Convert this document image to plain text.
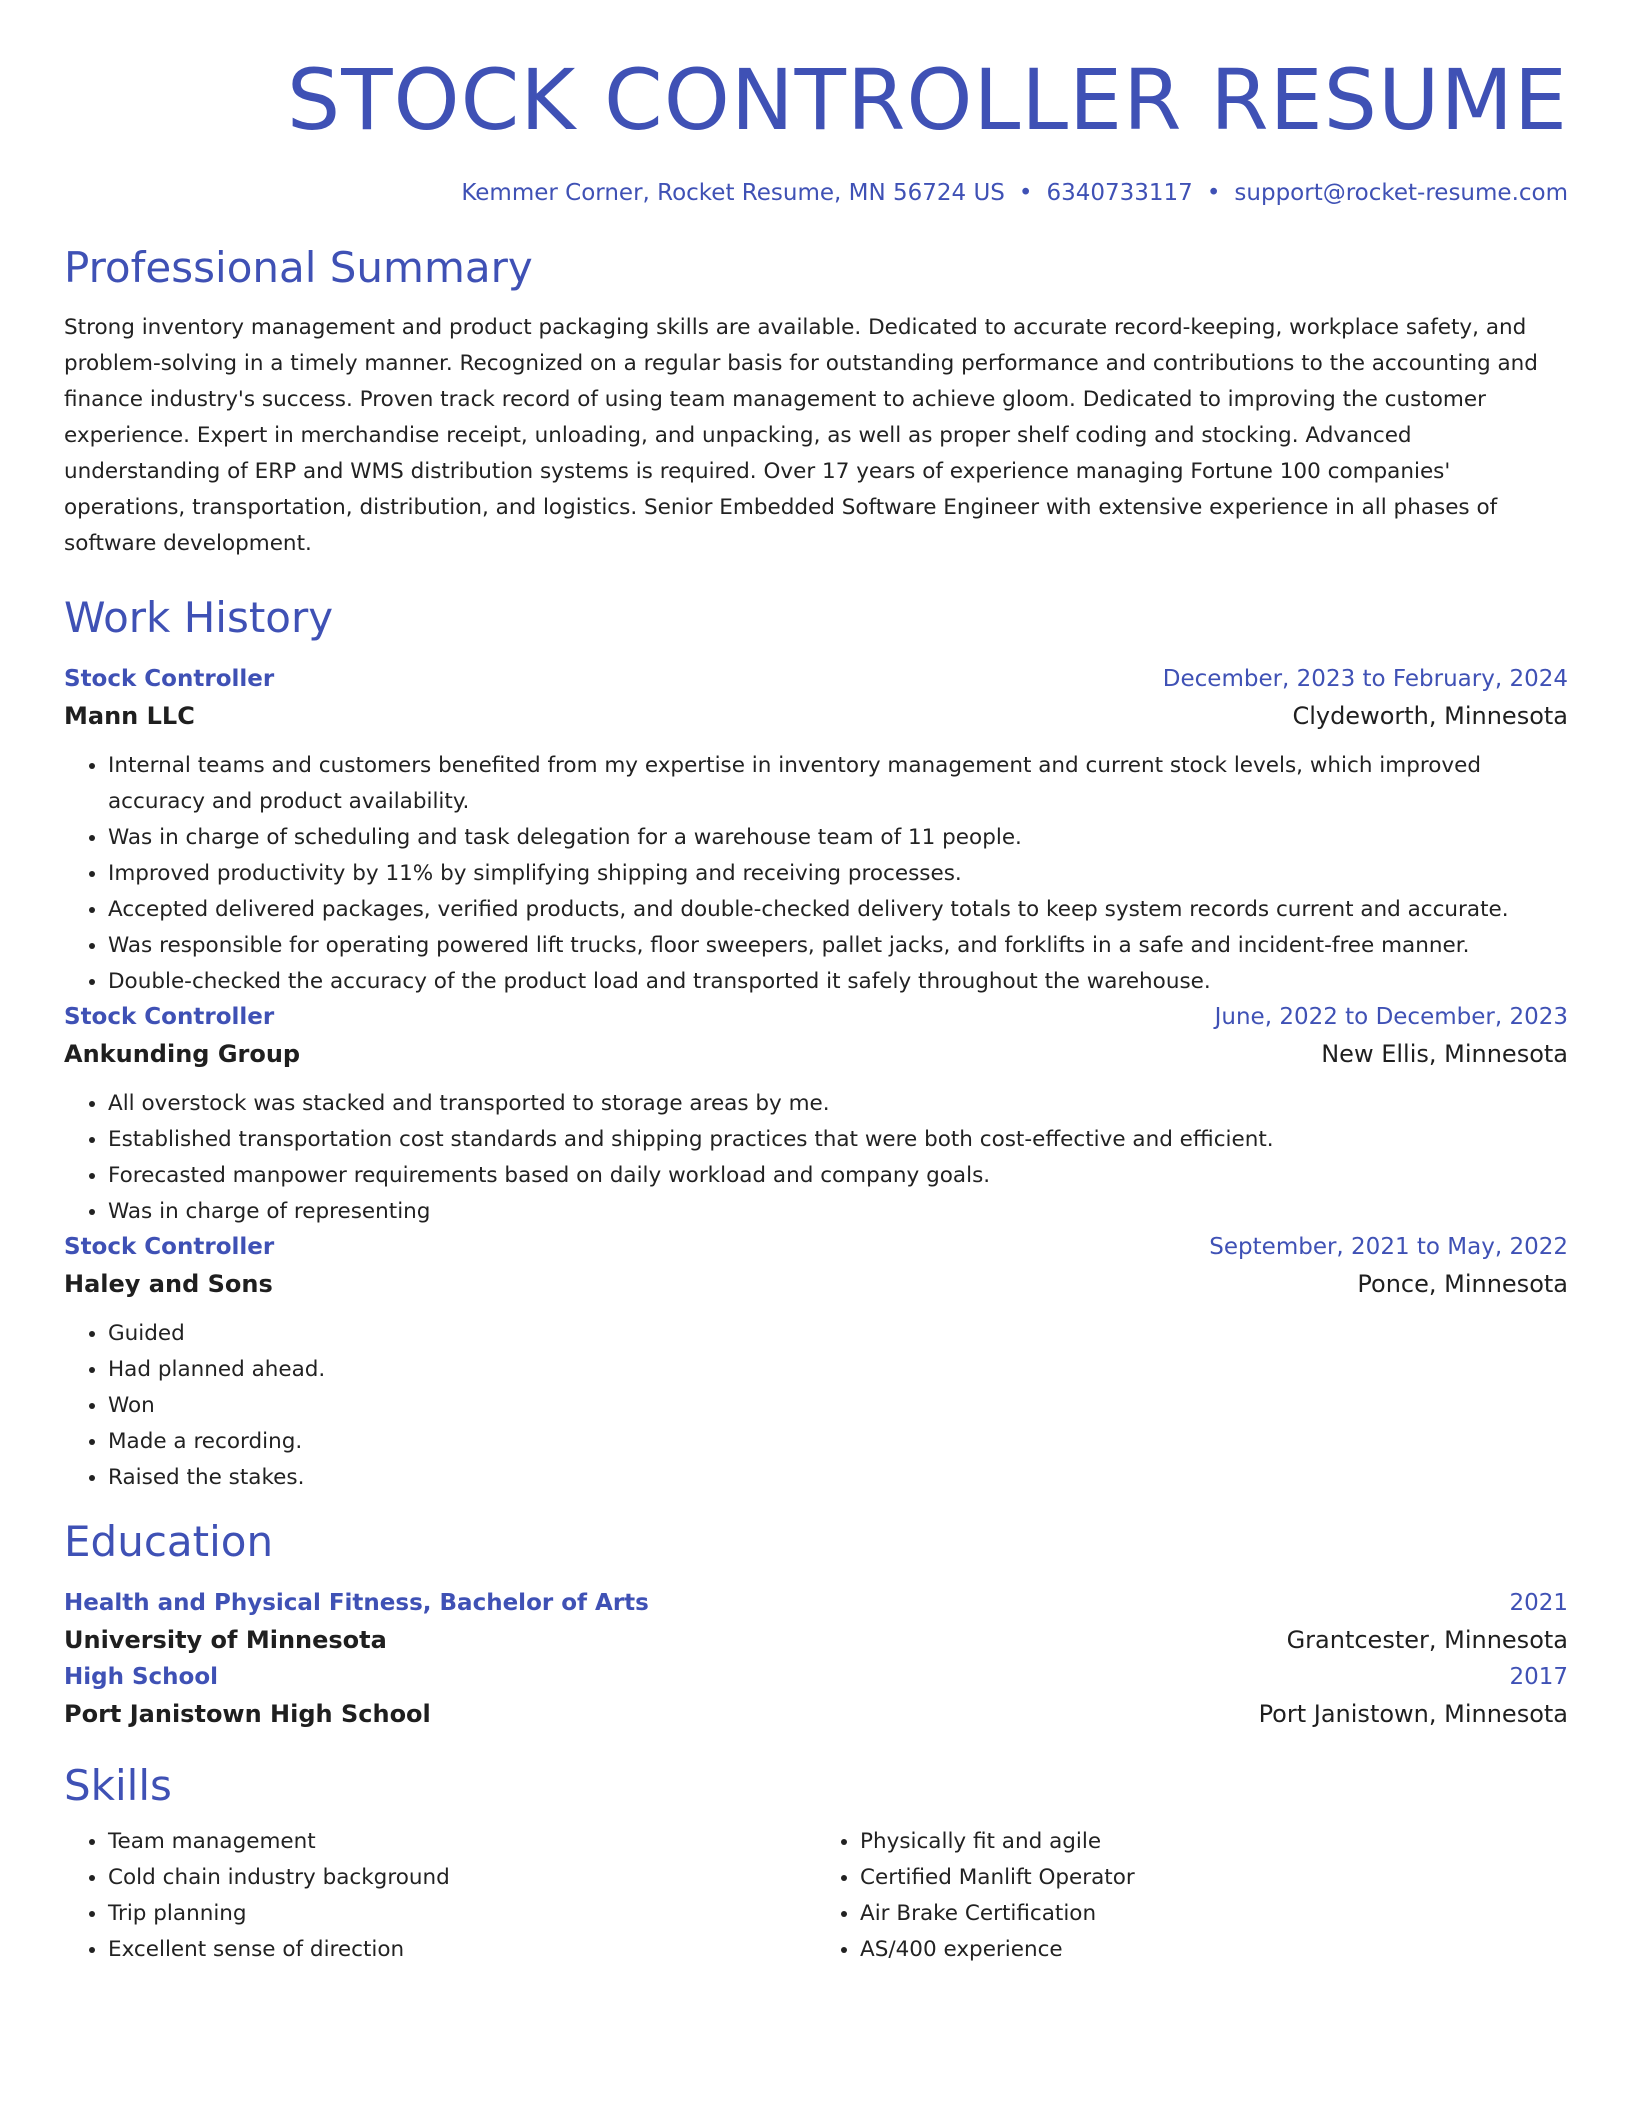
STOCK CONTROLLER RESUME
Kemmer Corner, Rocket Resume, MN 56724 US • 6340733117 • support@rocket-resume.com
Professional Summary
Strong inventory management and product packaging skills are available. Dedicated to accurate record-keeping, workplace safety, and problem-solving in a timely manner. Recognized on a regular basis for outstanding performance and contributions to the accounting and finance industry's success. Proven track record of using team management to achieve gloom. Dedicated to improving the customer experience. Expert in merchandise receipt, unloading, and unpacking, as well as proper shelf coding and stocking. Advanced understanding of ERP and WMS distribution systems is required. Over 17 years of experience managing Fortune 100 companies' operations, transportation, distribution, and logistics. Senior Embedded Software Engineer with extensive experience in all phases of software development.
Work History
Stock Controller	December, 2023 to February, 2024
Mann LLC	Clydeworth, Minnesota
• Internal teams and customers benefited from my expertise in inventory management and current stock levels, which improved accuracy and product availability.
• Was in charge of scheduling and task delegation for a warehouse team of 11 people.
• Improved productivity by 11% by simplifying shipping and receiving processes.
• Accepted delivered packages, verified products, and double-checked delivery totals to keep system records current and accurate.
• Was responsible for operating powered lift trucks, floor sweepers, pallet jacks, and forklifts in a safe and incident-free manner.
• Double-checked the accuracy of the product load and transported it safely throughout the warehouse.
Stock Controller	June, 2022 to December, 2023
Ankunding Group	New Ellis, Minnesota
• All overstock was stacked and transported to storage areas by me.
• Established transportation cost standards and shipping practices that were both cost-effective and efficient.
• Forecasted manpower requirements based on daily workload and company goals.
• Was in charge of representing
Stock Controller	September, 2021 to May, 2022
Haley and Sons	Ponce, Minnesota
• Guided
• Had planned ahead.
• Won
• Made a recording.
• Raised the stakes.
Education
Health and Physical Fitness, Bachelor of Arts	2021
University of Minnesota	Grantcester, Minnesota
High School	2017
Port Janistown High School	Port Janistown, Minnesota
Skills
• Team management
• Cold chain industry background
• Trip planning
• Excellent sense of direction
• Physically fit and agile
• Certified Manlift Operator
• Air Brake Certification
• AS/400 experience
